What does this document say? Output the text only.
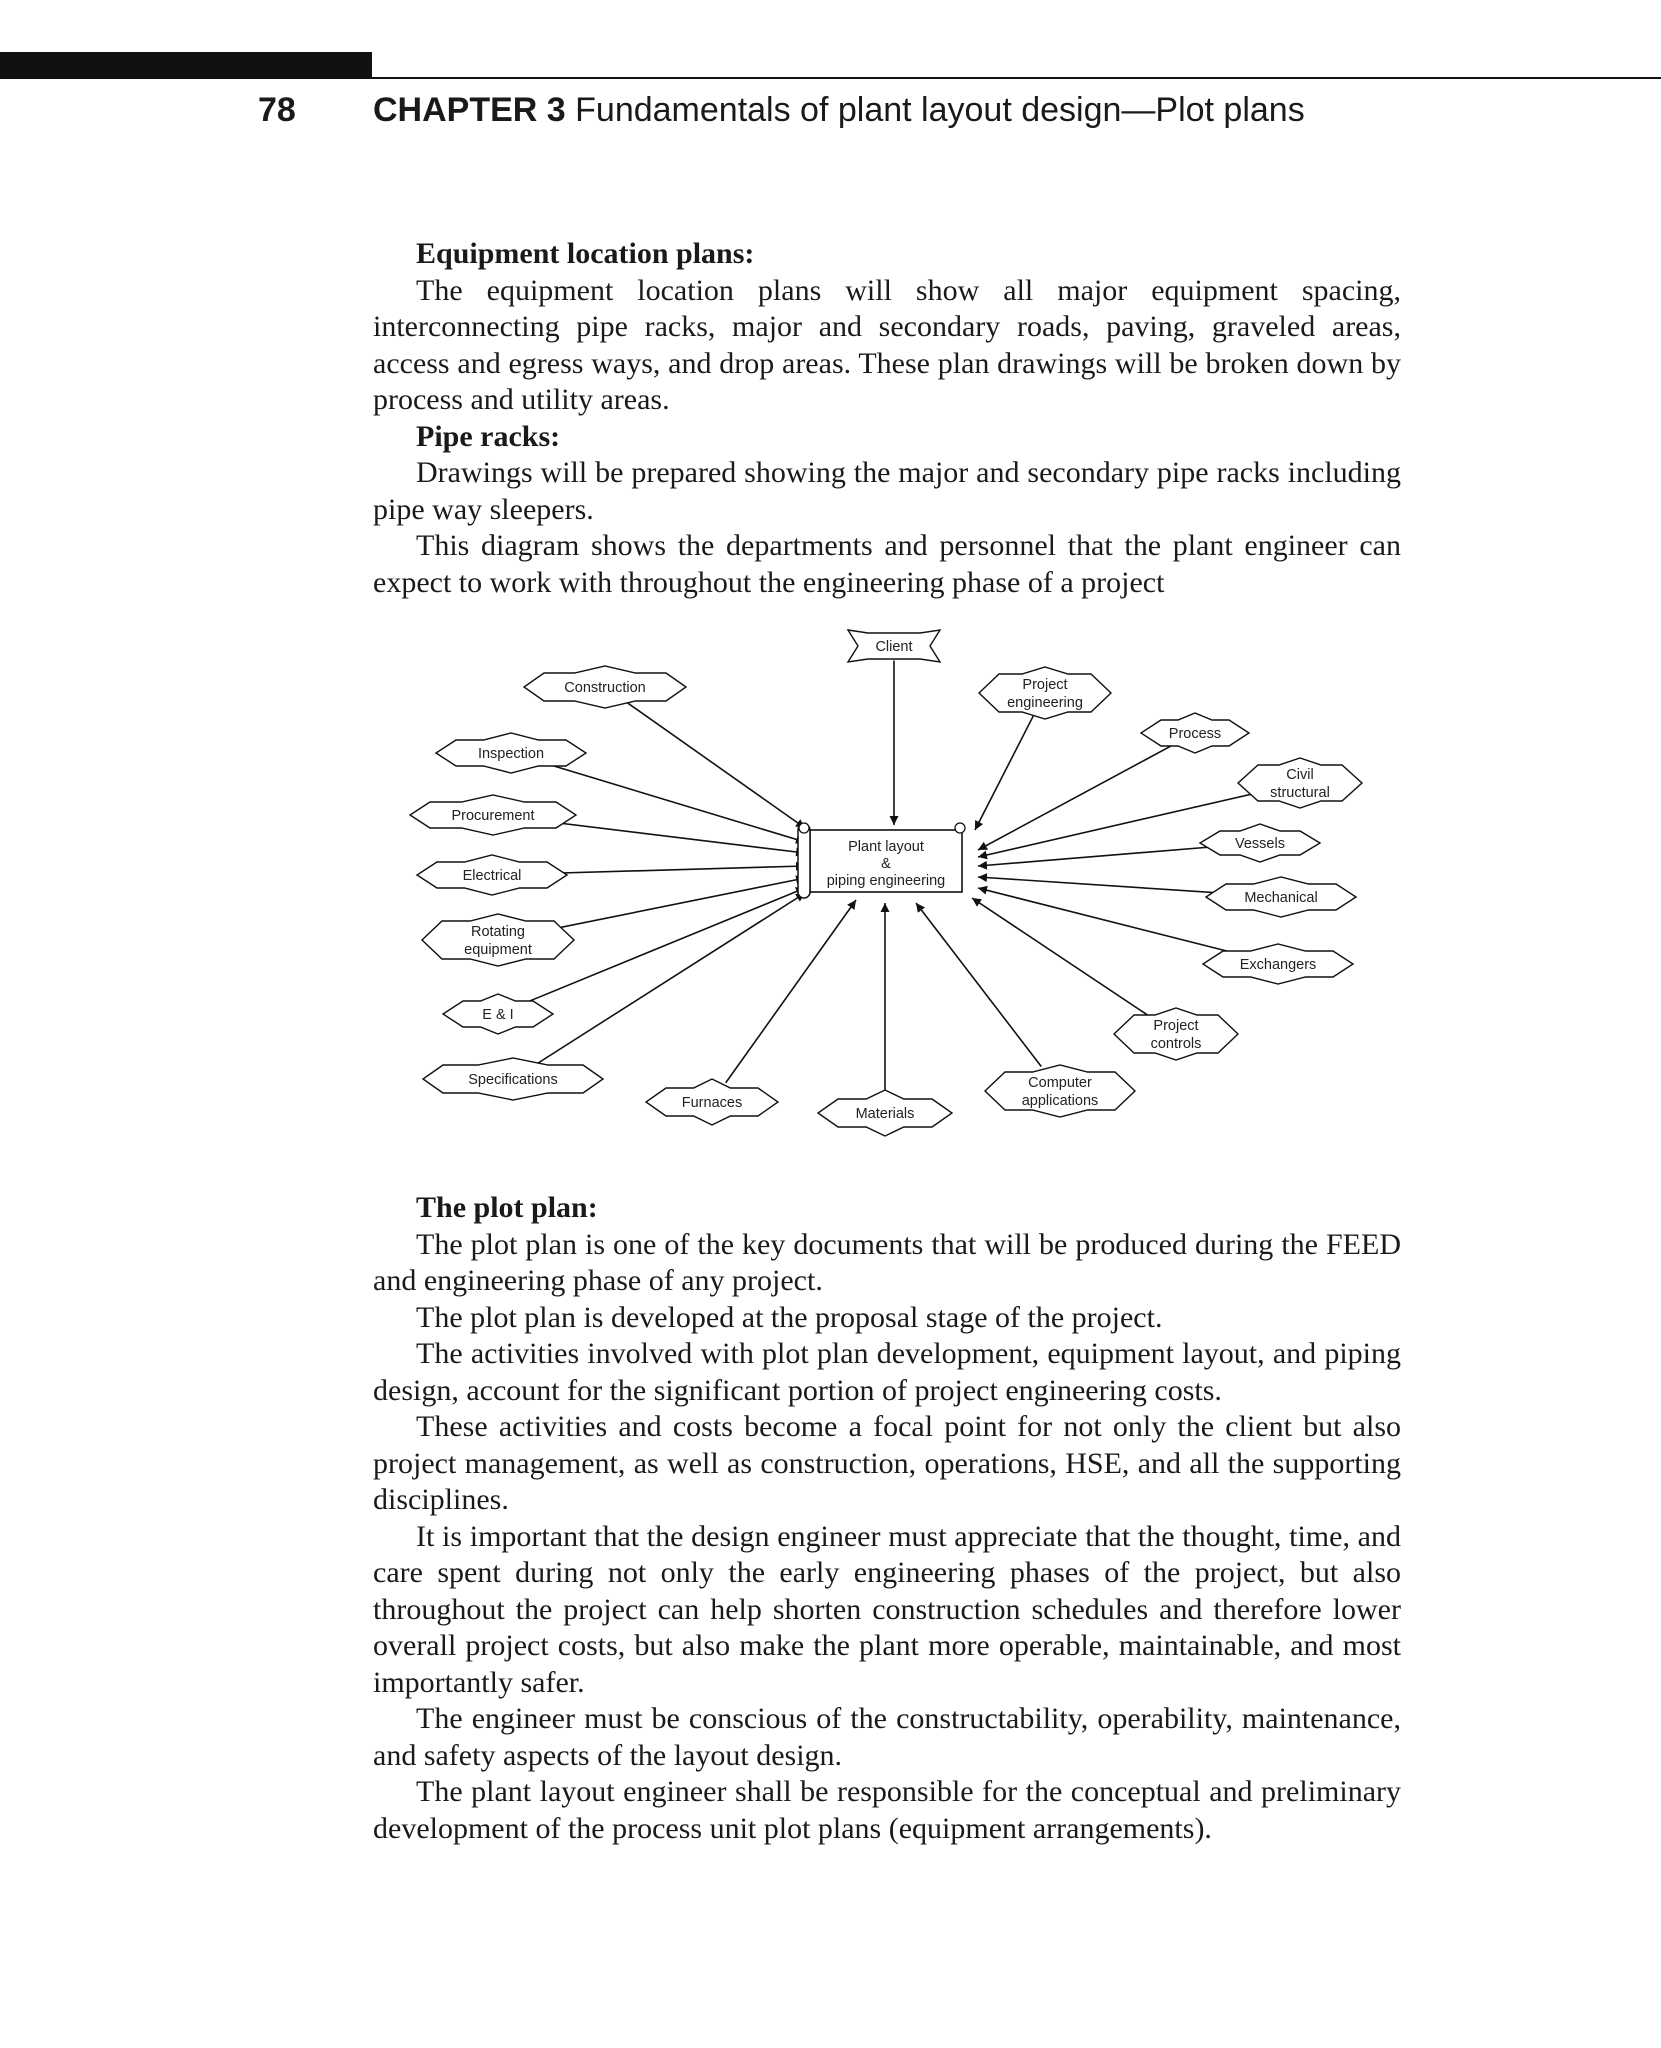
78 CHAPTER 3 Fundamentals of plant layout design—Plot plans
Equipment location plans:

The equipment location plans will show all major equipment spacing, interconnecting pipe racks, major and secondary roads, paving, graveled areas, access and egress ways, and drop areas. These plan drawings will be broken down by process and utility areas.

Pipe racks:

Drawings will be prepared showing the major and secondary pipe racks including pipe way sleepers.

This diagram shows the departments and personnel that the plant engineer can expect to work with throughout the engineering phase of a project

Plant layout
&
piping engineering
Client
Construction	Project
engineering
Process
Civil
structural
Inspection
Procurement
Vessels
Electrical
Mechanical
Rotating
equipment
Exchangers
E & I
Project
controls
Specifications
Furnaces
Materials
Computer
applications
The plot plan:

The plot plan is one of the key documents that will be produced during the FEED and engineering phase of any project.

The plot plan is developed at the proposal stage of the project.

The activities involved with plot plan development, equipment layout, and piping design, account for the significant portion of project engineering costs.

These activities and costs become a focal point for not only the client but also project management, as well as construction, operations, HSE, and all the supporting disciplines.

It is important that the design engineer must appreciate that the thought, time, and care spent during not only the early engineering phases of the project, but also throughout the project can help shorten construction schedules and therefore lower overall project costs, but also make the plant more operable, maintainable, and most importantly safer.

The engineer must be conscious of the constructability, operability, maintenance, and safety aspects of the layout design.

The plant layout engineer shall be responsible for the conceptual and preliminary development of the process unit plot plans (equipment arrangements).
